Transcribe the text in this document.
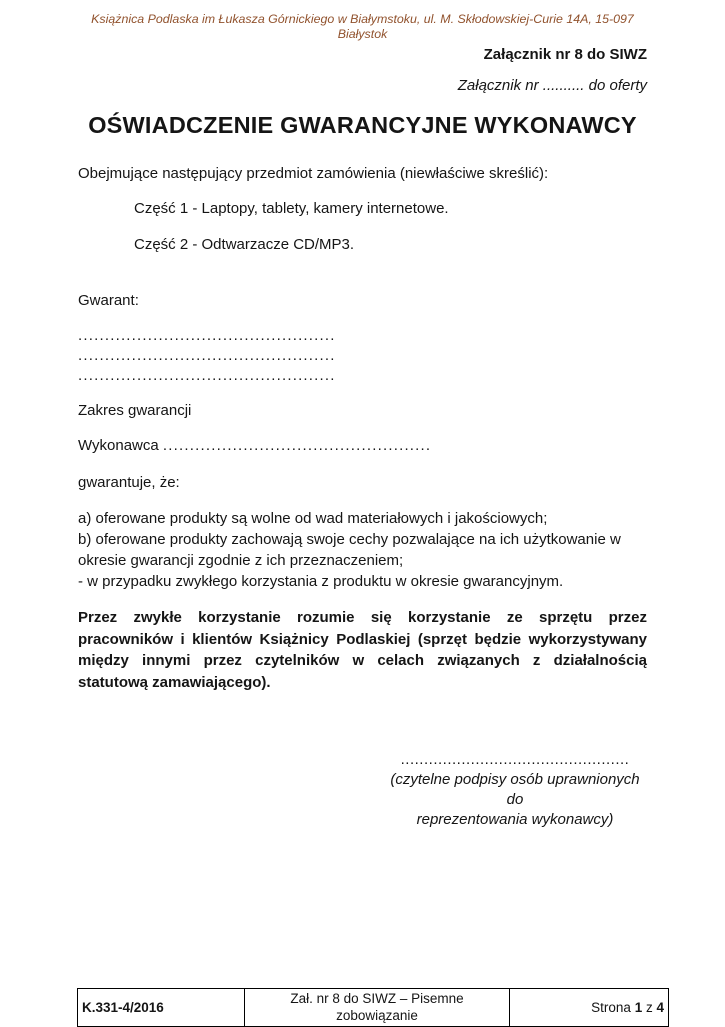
Książnica Podlaska im Łukasza Górnickiego w Białymstoku, ul. M. Skłodowskiej-Curie 14A, 15-097 Białystok
Załącznik nr 8 do SIWZ
Załącznik nr .......... do oferty
OŚWIADCZENIE GWARANCYJNE WYKONAWCY
Obejmujące następujący przedmiot zamówienia (niewłaściwe skreślić):
Część 1 - Laptopy, tablety, kamery internetowe.
Część 2 - Odtwarzacze CD/MP3.
Gwarant:
................................................
................................................
................................................
Zakres gwarancji
Wykonawca ..................................................
gwarantuje, że:
a) oferowane produkty są wolne od wad materiałowych i jakościowych;
b) oferowane produkty zachowają swoje cechy pozwalające na ich użytkowanie w okresie gwarancji zgodnie z ich przeznaczeniem;
- w przypadku zwykłego korzystania z produktu w okresie gwarancyjnym.
Przez zwykłe korzystanie rozumie się korzystanie ze sprzętu przez pracowników i klientów Książnicy Podlaskiej (sprzęt będzie wykorzystywany między innymi przez czytelników w celach związanych z działalnością statutową zamawiającego).
.................................................
(czytelne podpisy osób uprawnionych do
reprezentowania wykonawcy)
K.331-4/2016	Zał. nr 8 do SIWZ – Pisemne zobowiązanie	Strona 1 z 4
